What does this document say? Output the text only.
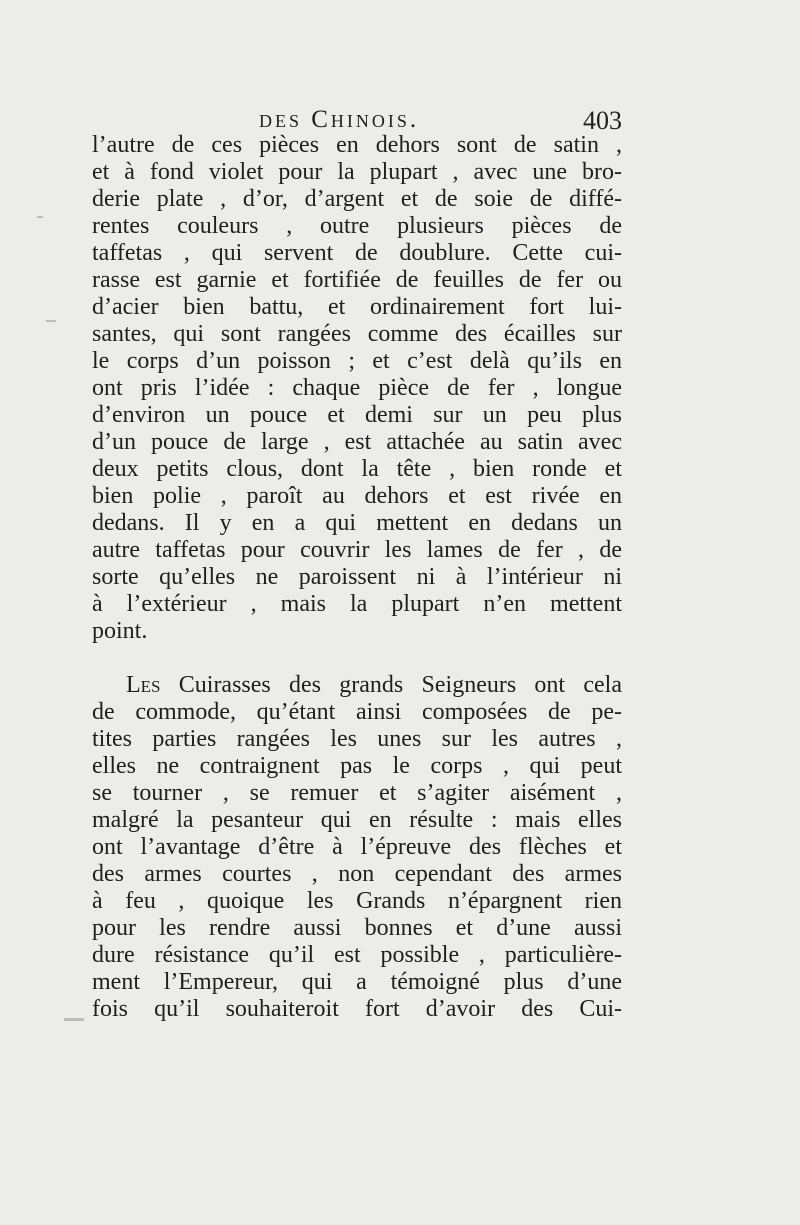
des Chinois.	403
l’autre de ces pièces en dehors sont de satin ,
et à fond violet pour la plupart , avec une bro-
derie plate , d’or, d’argent et de soie de diffé-
rentes couleurs , outre plusieurs pièces de
taffetas , qui servent de doublure. Cette cui-
rasse est garnie et fortifiée de feuilles de fer ou
d’acier bien battu, et ordinairement fort lui-
santes, qui sont rangées comme des écailles sur
le corps d’un poisson ; et c’est delà qu’ils en
ont pris l’idée : chaque pièce de fer , longue
d’environ un pouce et demi sur un peu plus
d’un pouce de large , est attachée au satin avec
deux petits clous, dont la tête , bien ronde et
bien polie , paroît au dehors et est rivée en
dedans. Il y en a qui mettent en dedans un
autre taffetas pour couvrir les lames de fer , de
sorte qu’elles ne paroissent ni à l’intérieur ni
à l’extérieur , mais la plupart n’en mettent
point.
Les Cuirasses des grands Seigneurs ont cela
de commode, qu’étant ainsi composées de pe-
tites parties rangées les unes sur les autres ,
elles ne contraignent pas le corps , qui peut
se tourner , se remuer et s’agiter aisément ,
malgré la pesanteur qui en résulte : mais elles
ont l’avantage d’être à l’épreuve des flèches et
des armes courtes , non cependant des armes
à feu , quoique les Grands n’épargnent rien
pour les rendre aussi bonnes et d’une aussi
dure résistance qu’il est possible , particulière-
ment l’Empereur, qui a témoigné plus d’une
fois qu’il souhaiteroit fort d’avoir des Cui-
